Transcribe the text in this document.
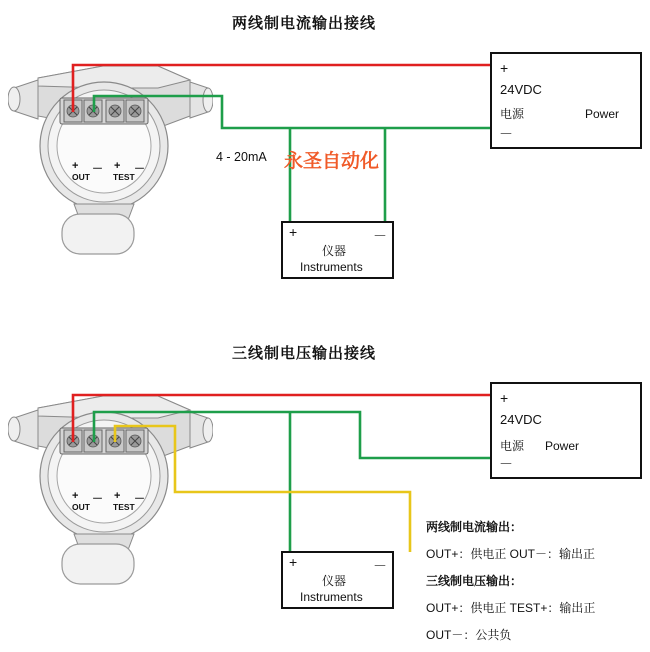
两线制电流输出接线
三线制电压输出接线
+ － + －
OUT	TEST
+
24VDC
电源	Power
－
+	－
仪器
Instruments
4 - 20mA 永圣自动化
+ － + －
OUT	TEST
+
24VDC
电源 Power
－
+	－
仪器
Instruments
两线制电流输出：
OUT+：供电正 OUT－：输出正
三线制电压输出：
OUT+：供电正 TEST+：输出正
OUT－：公共负
